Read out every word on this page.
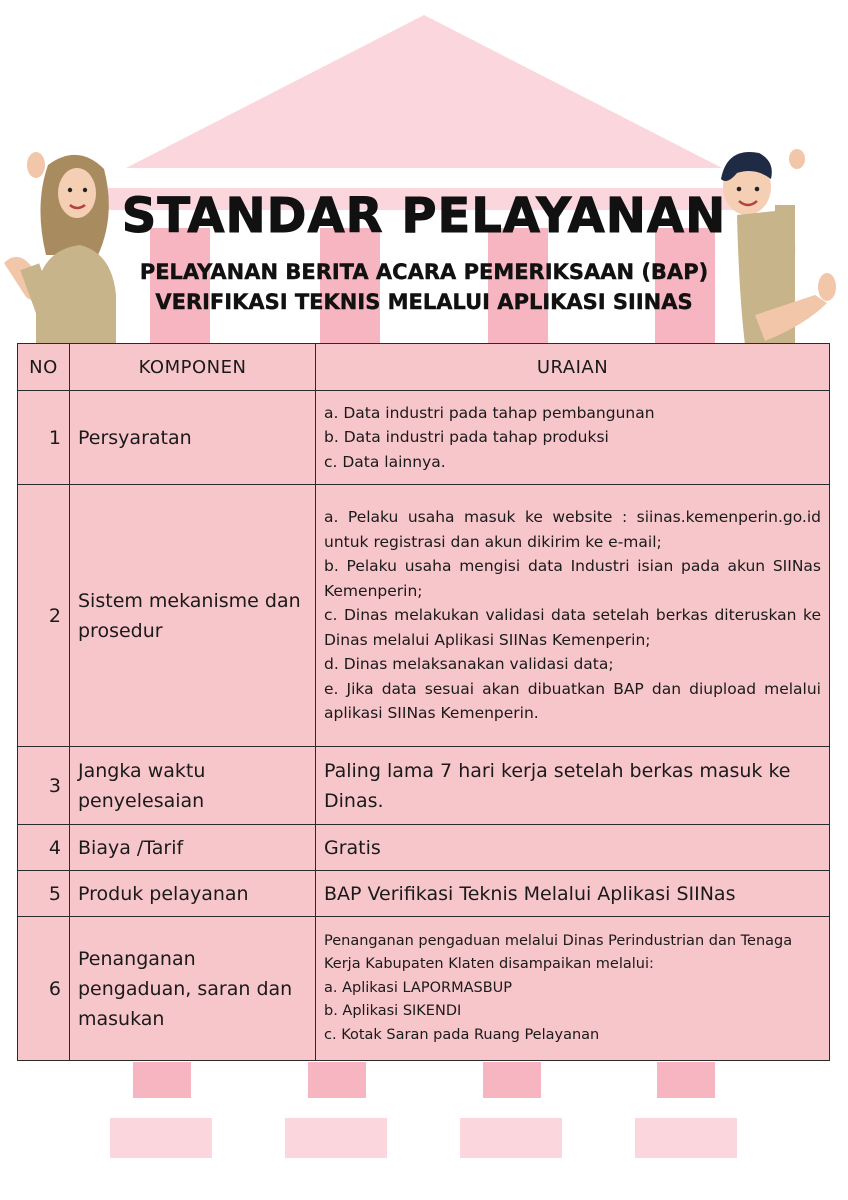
STANDAR PELAYANAN
PELAYANAN BERITA ACARA PEMERIKSAAN (BAP)
VERIFIKASI TEKNIS MELALUI APLIKASI SIINAS
NO	KOMPONEN	URAIAN
1	Persyaratan	a. Data industri pada tahap pembangunan
b. Data industri pada tahap produksi
c. Data lainnya.

2	Sistem mekanisme dan prosedur	a. Pelaku usaha masuk ke website : siinas.kemenperin.go.id untuk registrasi dan akun dikirim ke e-mail;
b. Pelaku usaha mengisi data Industri isian pada akun SIINas Kemenperin;
c. Dinas melakukan validasi data setelah berkas diteruskan ke Dinas melalui Aplikasi SIINas Kemenperin;
d. Dinas melaksanakan validasi data;
e. Jika data sesuai akan dibuatkan BAP dan diupload melalui aplikasi SIINas Kemenperin.

3	Jangka waktu penyelesaian	Paling lama 7 hari kerja setelah berkas masuk ke Dinas.

4	Biaya /Tarif	Gratis

5	Produk pelayanan	BAP Verifikasi Teknis Melalui Aplikasi SIINas

6	Penanganan pengaduan, saran dan masukan	Penanganan pengaduan melalui Dinas Perindustrian dan Tenaga Kerja Kabupaten Klaten disampaikan melalui:
a. Aplikasi LAPORMASBUP
b. Aplikasi SIKENDI
c. Kotak Saran pada Ruang Pelayanan
